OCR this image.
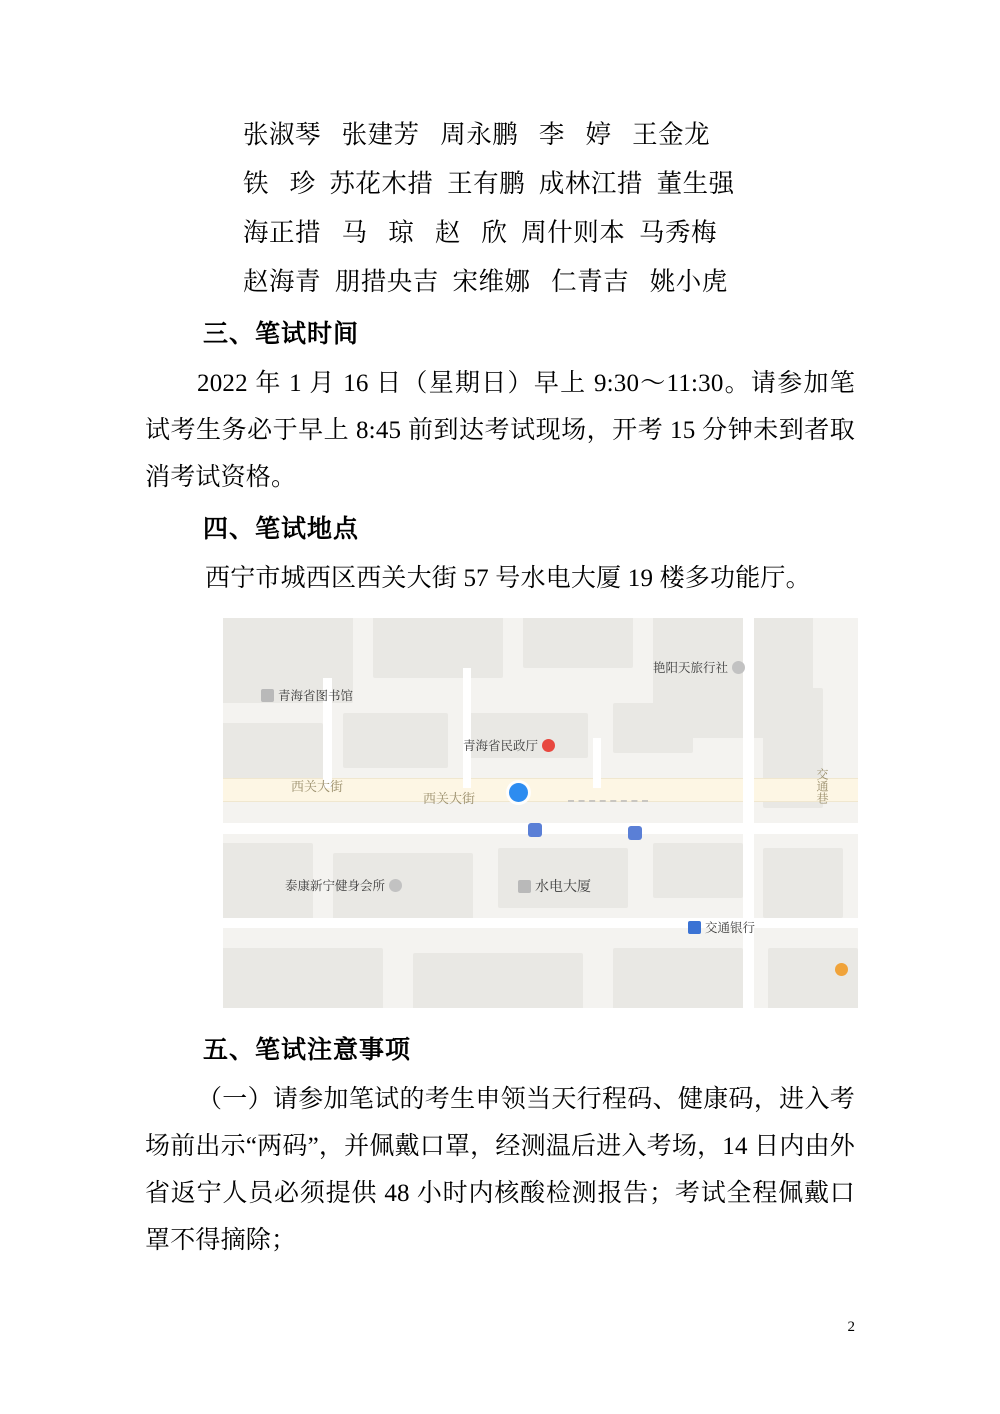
张淑琴   张建芳   周永鹏   李   婷   王金龙
铁   珍  苏花木措  王有鹏  成林江措  董生强
海正措   马   琼   赵   欣  周什则本  马秀梅
赵海青  朋措央吉  宋维娜   仁青吉   姚小虎
三、笔试时间
2022 年 1 月 16 日（星期日）早上 9:30～11:30。请参加笔试考生务必于早上 8:45 前到达考试现场，开考 15 分钟未到者取消考试资格。
四、笔试地点
西宁市城西区西关大街 57 号水电大厦 19 楼多功能厅。
西关大街
西关大街	交通巷
艳阳天旅行社
青海省图书馆
青海省民政厅
泰康新宁健身会所	水电大厦
交通银行
五、笔试注意事项
（一）请参加笔试的考生申领当天行程码、健康码，进入考场前出示“两码”，并佩戴口罩，经测温后进入考场，14 日内由外省返宁人员必须提供 48 小时内核酸检测报告；考试全程佩戴口罩不得摘除；
2
